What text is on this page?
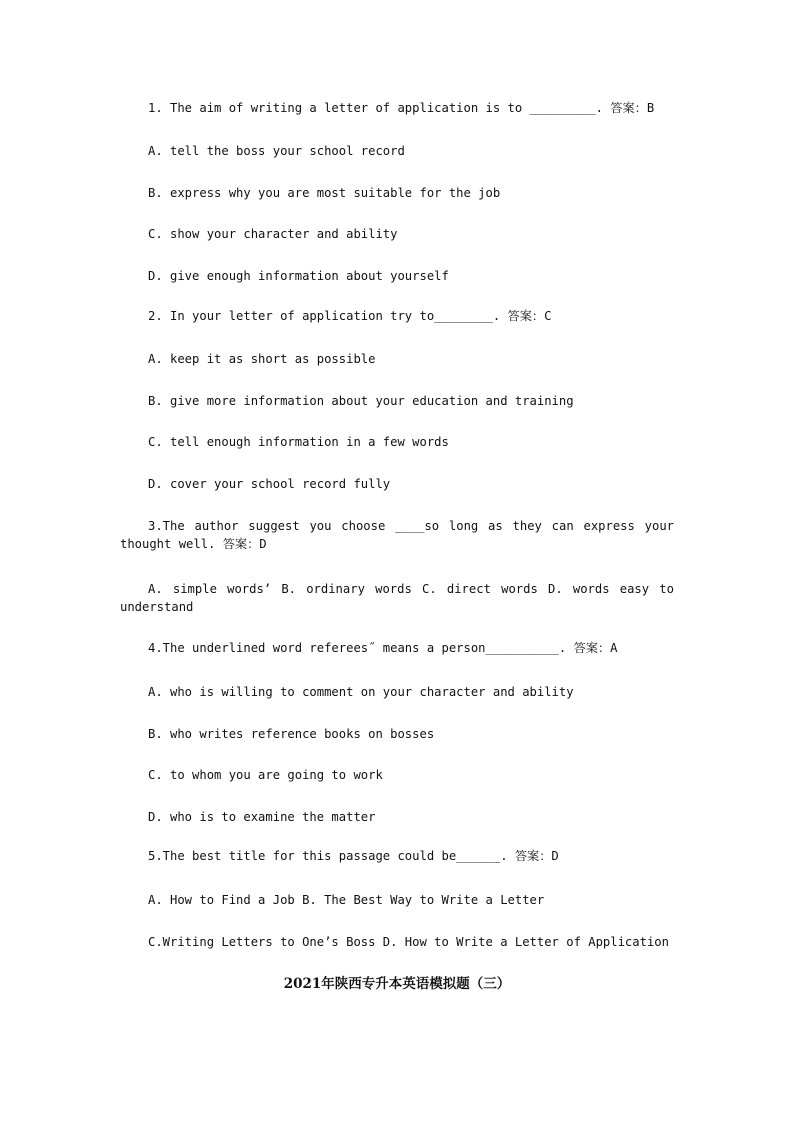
1. The aim of writing a letter of application is to _________. 答案：B
A. tell the boss your school record
B. express why you are most suitable for the job
C. show your character and ability
D. give enough information about yourself
2. In your letter of application try to________. 答案：C
A. keep it as short as possible
B. give more information about your education and training
C. tell enough information in a few words
D. cover your school record fully
3.The author suggest you choose ____so long as they can express your thought well. 答案：D
A. simple words’ B. ordinary words C. direct words D. words easy to understand
4.The underlined word referees˝ means a person__________. 答案：A
A. who is willing to comment on your character and ability
B. who writes reference books on bosses
C. to whom you are going to work
D. who is to examine the matter
5.The best title for this passage could be______. 答案：D
A. How to Find a Job B. The Best Way to Write a Letter
C.Writing Letters to One’s Boss D. How to Write a Letter of Application
2021年陕西专升本英语模拟题（三）
